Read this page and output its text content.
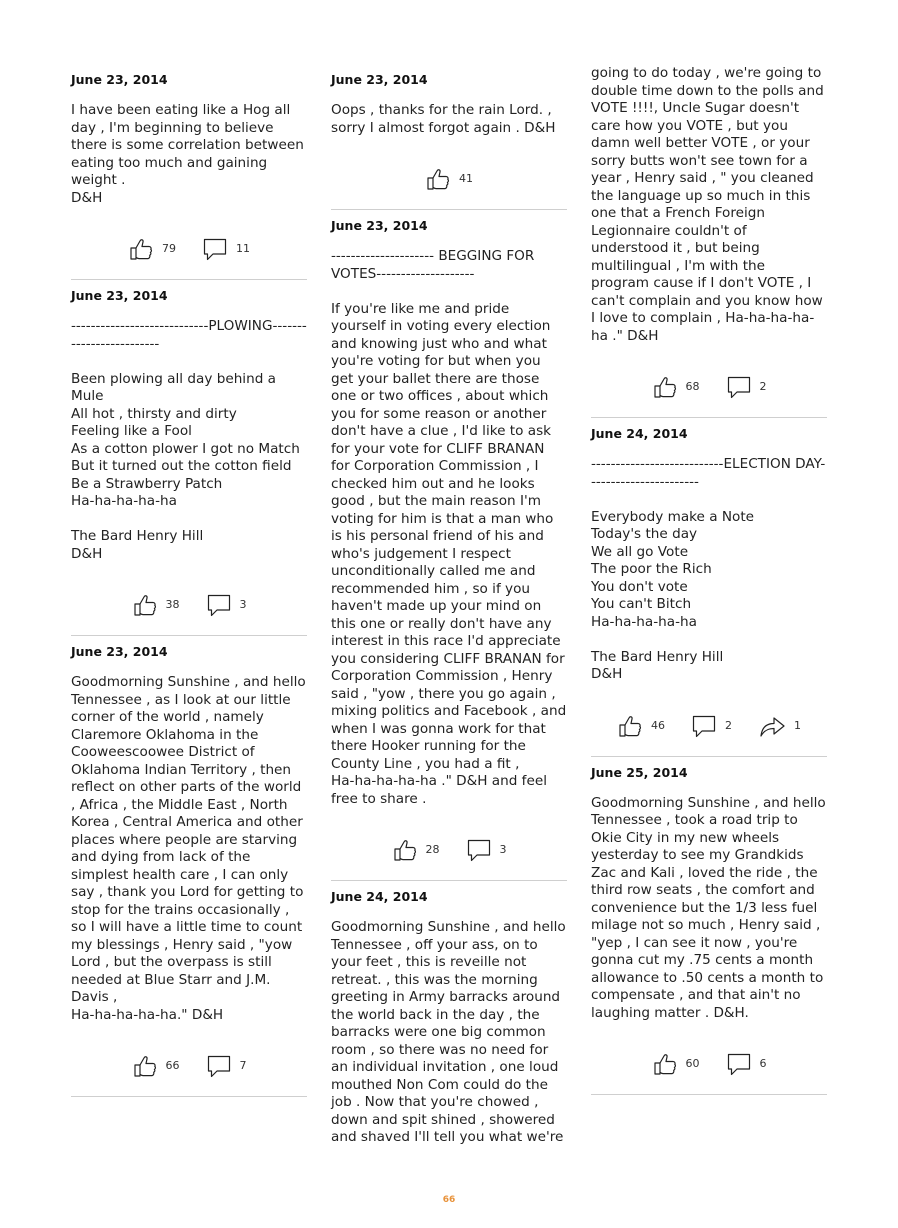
June 23, 2014

I have been eating like a Hog all day , I'm beginning to believe there is some correlation between eating too much and gaining weight .
D&H

79	11

June 23, 2014

----------------------------PLOWING-------
------------------

Been plowing all day behind a Mule
All hot , thirsty and dirty
Feeling like a Fool
As a cotton plower I got no Match
But it turned out the cotton field
Be a Strawberry Patch
Ha-ha-ha-ha-ha

The Bard Henry Hill
D&H

38	3

June 23, 2014

Goodmorning Sunshine , and hello Tennessee , as I look at our little corner of the world , namely Claremore Oklahoma in the Cooweescoowee District of Oklahoma Indian Territory , then reflect on other parts of the world , Africa , the Middle East , North Korea , Central America and other places where people are starving and dying from lack of the simplest health care , I can only say , thank you Lord for getting to stop for the trains occasionally , so I will have a little time to count my blessings , Henry said , "yow Lord , but the overpass is still needed at Blue Starr and J.M. Davis ,
Ha-ha-ha-ha-ha." D&H

66	7

June 23, 2014

Oops , thanks for the rain Lord. , sorry I almost forgot again . D&H

41

June 23, 2014

--------------------- BEGGING FOR VOTES--------------------

If you're like me and pride yourself in voting every election and knowing just who and what you're voting for but when you get your ballet there are those one or two offices , about which you for some reason or another don't have a clue , I'd like to ask for your vote for CLIFF BRANAN for Corporation Commission , I checked him out and he looks good , but the main reason I'm voting for him is that a man who is his personal friend of his and who's judgement I respect unconditionally called me and recommended him , so if you haven't made up your mind on this one or really don't have any interest in this race I'd appreciate you considering CLIFF BRANAN for Corporation Commission , Henry said , "yow , there you go again , mixing politics and Facebook , and when I was gonna work for that there Hooker running for the County Line , you had a fit ,
Ha-ha-ha-ha-ha ." D&H and feel free to share .

28	3

June 24, 2014

Goodmorning Sunshine , and hello Tennessee , off your ass, on to your feet , this is reveille not retreat. , this was the morning greeting in Army barracks around the world back in the day , the barracks were one big common room , so there was no need for an individual invitation , one loud mouthed Non Com could do the job . Now that you're chowed , down and spit shined , showered and shaved I'll tell you what we're

going to do today , we're going to double time down to the polls and VOTE !!!!, Uncle Sugar doesn't care how you VOTE , but you damn well better VOTE , or your sorry butts won't see town for a year , Henry said , " you cleaned the language up so much in this one that a French Foreign Legionnaire couldn't of understood it , but being multilingual , I'm with the program cause if I don't VOTE , I can't complain and you know how I love to complain , Ha-ha-ha-ha-ha ." D&H

68	2

June 24, 2014

---------------------------ELECTION DAY-----------------------

Everybody make a Note
Today's the day
We all go Vote
The poor the Rich
You don't vote
You can't Bitch
Ha-ha-ha-ha-ha

The Bard Henry Hill
D&H

46	2	1

June 25, 2014

Goodmorning Sunshine , and hello Tennessee , took a road trip to Okie City in my new wheels yesterday to see my Grandkids Zac and Kali , loved the ride , the third row seats , the comfort and convenience but the 1/3 less fuel milage not so much , Henry said , "yep , I can see it now , you're gonna cut my .75 cents a month allowance to .50 cents a month to compensate , and that ain't no laughing matter . D&H.

60	6
66
